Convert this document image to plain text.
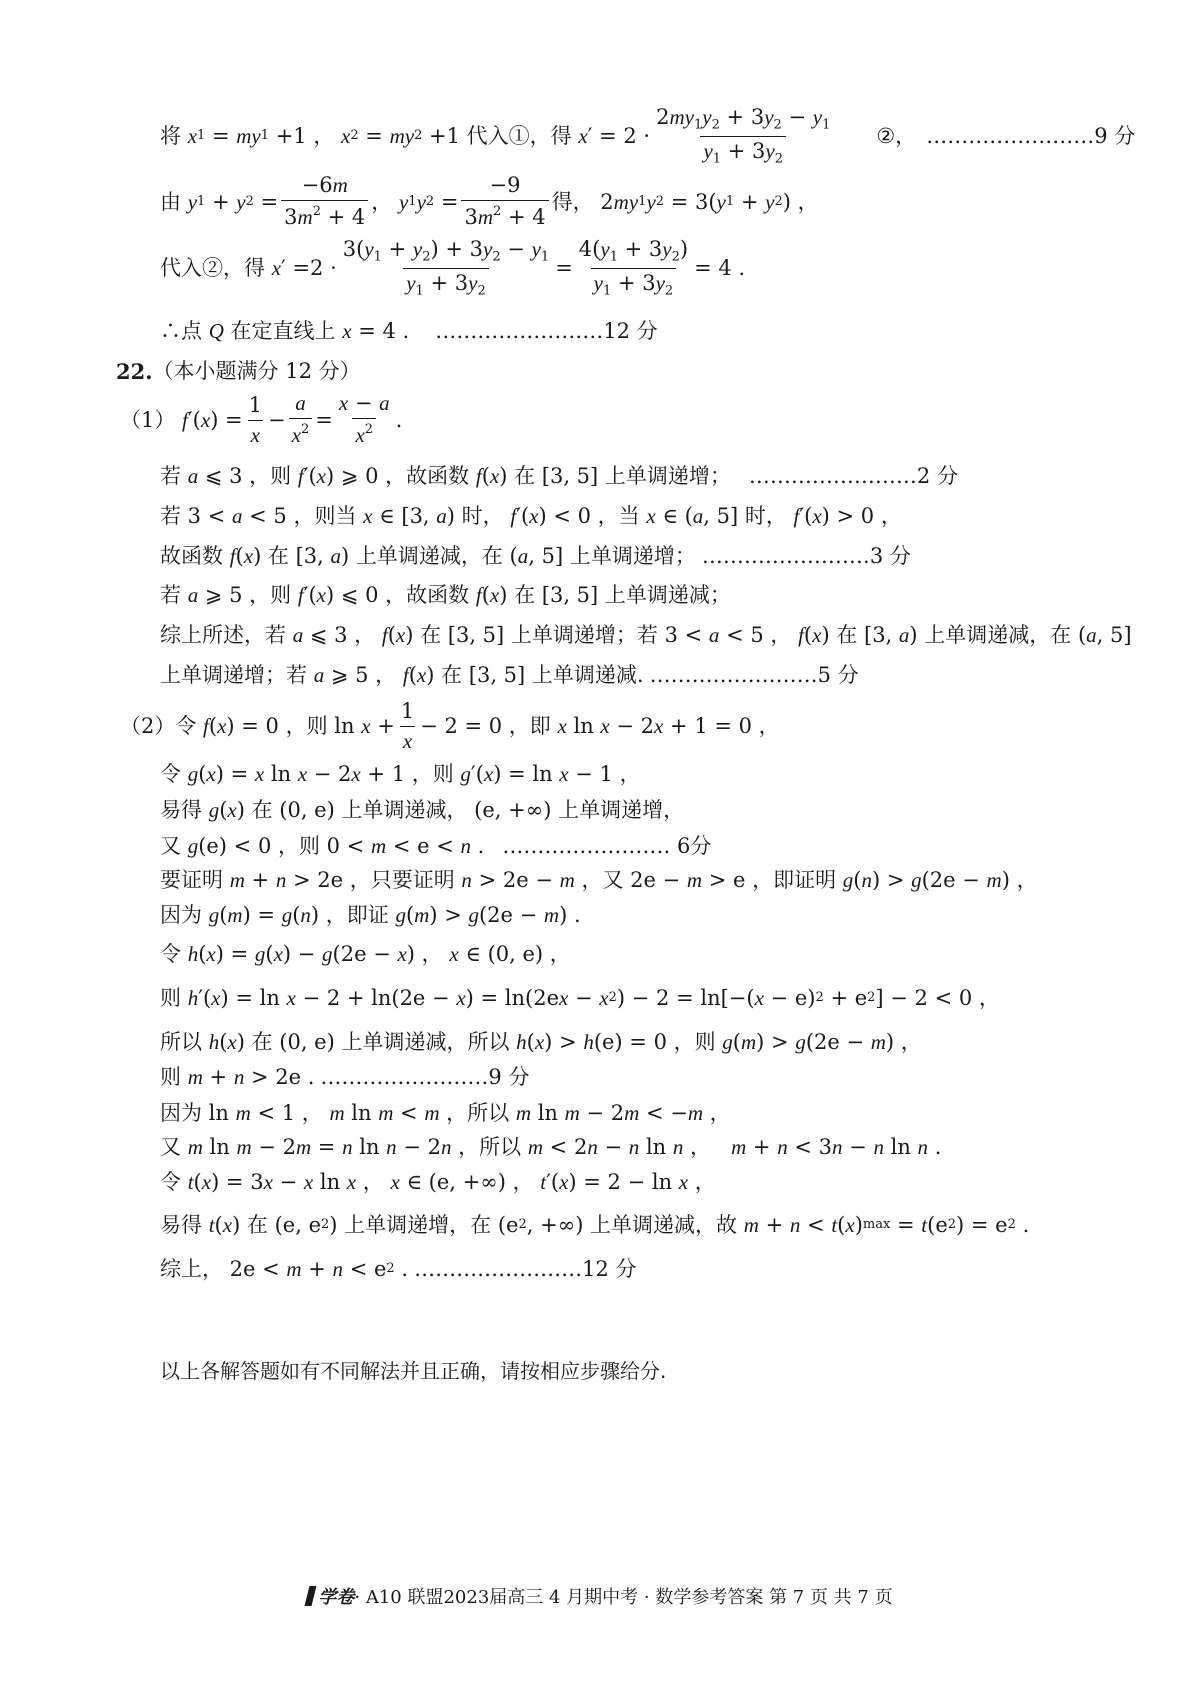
将 x 1 = my 1 +1 ， x 2 = my 2 +1 代入①，得 x ′ = $2 \cdot \frac{2my_1y_2 + 3y_2 - y_1}{y_1 + 3y_2}$ ②， ……………………9 分
由 y 1 + y $2 = \frac{-6m}{3m^2 + 4}$ ， y 1 y $2 = \frac{-9}{3m^2 + 4}$ 得， 2 my 1 y 2 = 3( y 1 + y 2 ) ，
代入②，得 x ′ $=2 \cdot \frac{3(y_1 + y_2) + 3y_2 - y_1}{y_1 + 3y_2} = \frac{4(y_1 + 3y_2)}{y_1 + 3y_2} = 4$ .
∴点 Q 在定直线上 x = 4 . ……………………12 分
22. （本小题满分 12 分）
（1） f ′( x ) = $\frac{1}{x} - \frac{a}{x^2} = \frac{x - a}{x^2}$ .
若 a ⩽ 3 ，则 f ′( x ) ⩾ 0 ，故函数 f ( x ) 在 [3, 5] 上单调递增； ……………………2 分
若 3 < a < 5 ，则当 x ∈ [3, a ) 时， f ′( x ) < 0 ，当 x ∈ ( a , 5] 时， f ′( x ) > 0 ，
故函数 f ( x ) 在 [3, a ) 上单调递减，在 ( a , 5] 上单调递增； ……………………3 分
若 a ⩾ 5 ，则 f ′( x ) ⩽ 0 ，故函数 f ( x ) 在 [3, 5] 上单调递减；
综上所述，若 a ⩽ 3 ， f ( x ) 在 [3, 5] 上单调递增；若 3 < a < 5 ， f ( x ) 在 [3, a ) 上单调递减，在 ( a , 5]
上单调递增；若 a ⩾ 5 ， f ( x ) 在 [3, 5] 上单调递减. ……………………5 分
（2）令 f ( x ) = 0 ，则 $\ln x + \frac{1}{x} - 2 = 0$ ，即 x ln x − 2 x + 1 = 0 ，
令 g ( x ) = x ln x − 2 x + 1 ，则 g ′( x ) = ln x − 1 ，
易得 g ( x ) 在 (0, e) 上单调递减， (e, +∞) 上单调递增，
又 g (e) < 0 ，则 0 < m < e < n . …………………… 6分
要证明 m + n > 2e ，只要证明 n > 2e − m ，又 2e − m > e ，即证明 g ( n ) > g (2e − m ) ，
因为 g ( m ) = g ( n ) ，即证 g ( m ) > g (2e − m ) .
令 h ( x ) = g ( x ) − g (2e − x ) ， x ∈ (0, e) ，
则 h ′( x ) = ln x − 2 + ln(2e − x ) = ln(2e x − x 2 ) − 2 = ln[−( x − e) 2 + e 2 ] − 2 < 0 ，
所以 h ( x ) 在 (0, e) 上单调递减，所以 h ( x ) > h (e) = 0 ，则 g ( m ) > g (2e − m ) ，
则 m + n > 2e . ……………………9 分
因为 ln m < 1 ， m ln m < m ，所以 m ln m − 2 m < − m ，
又 m ln m − 2 m = n ln n − 2 n ，所以 m < 2 n − n ln n ， m + n < 3 n − n ln n .
令 t ( x ) = 3 x − x ln x ， x ∈ (e, +∞) ， t ′( x ) = 2 − ln x ，
易得 t ( x ) 在 (e, e 2 ) 上单调递增，在 (e 2 , +∞) 上单调递减，故 m + n < t ( x ) max = t (e 2 ) = e 2 .
综上， 2e < m + n < e 2 . ……………………12 分
以上各解答题如有不同解法并且正确，请按相应步骤给分.
学卷· A10 联盟2023届高三 4 月期中考 · 数学参考答案 第 7 页 共 7 页
